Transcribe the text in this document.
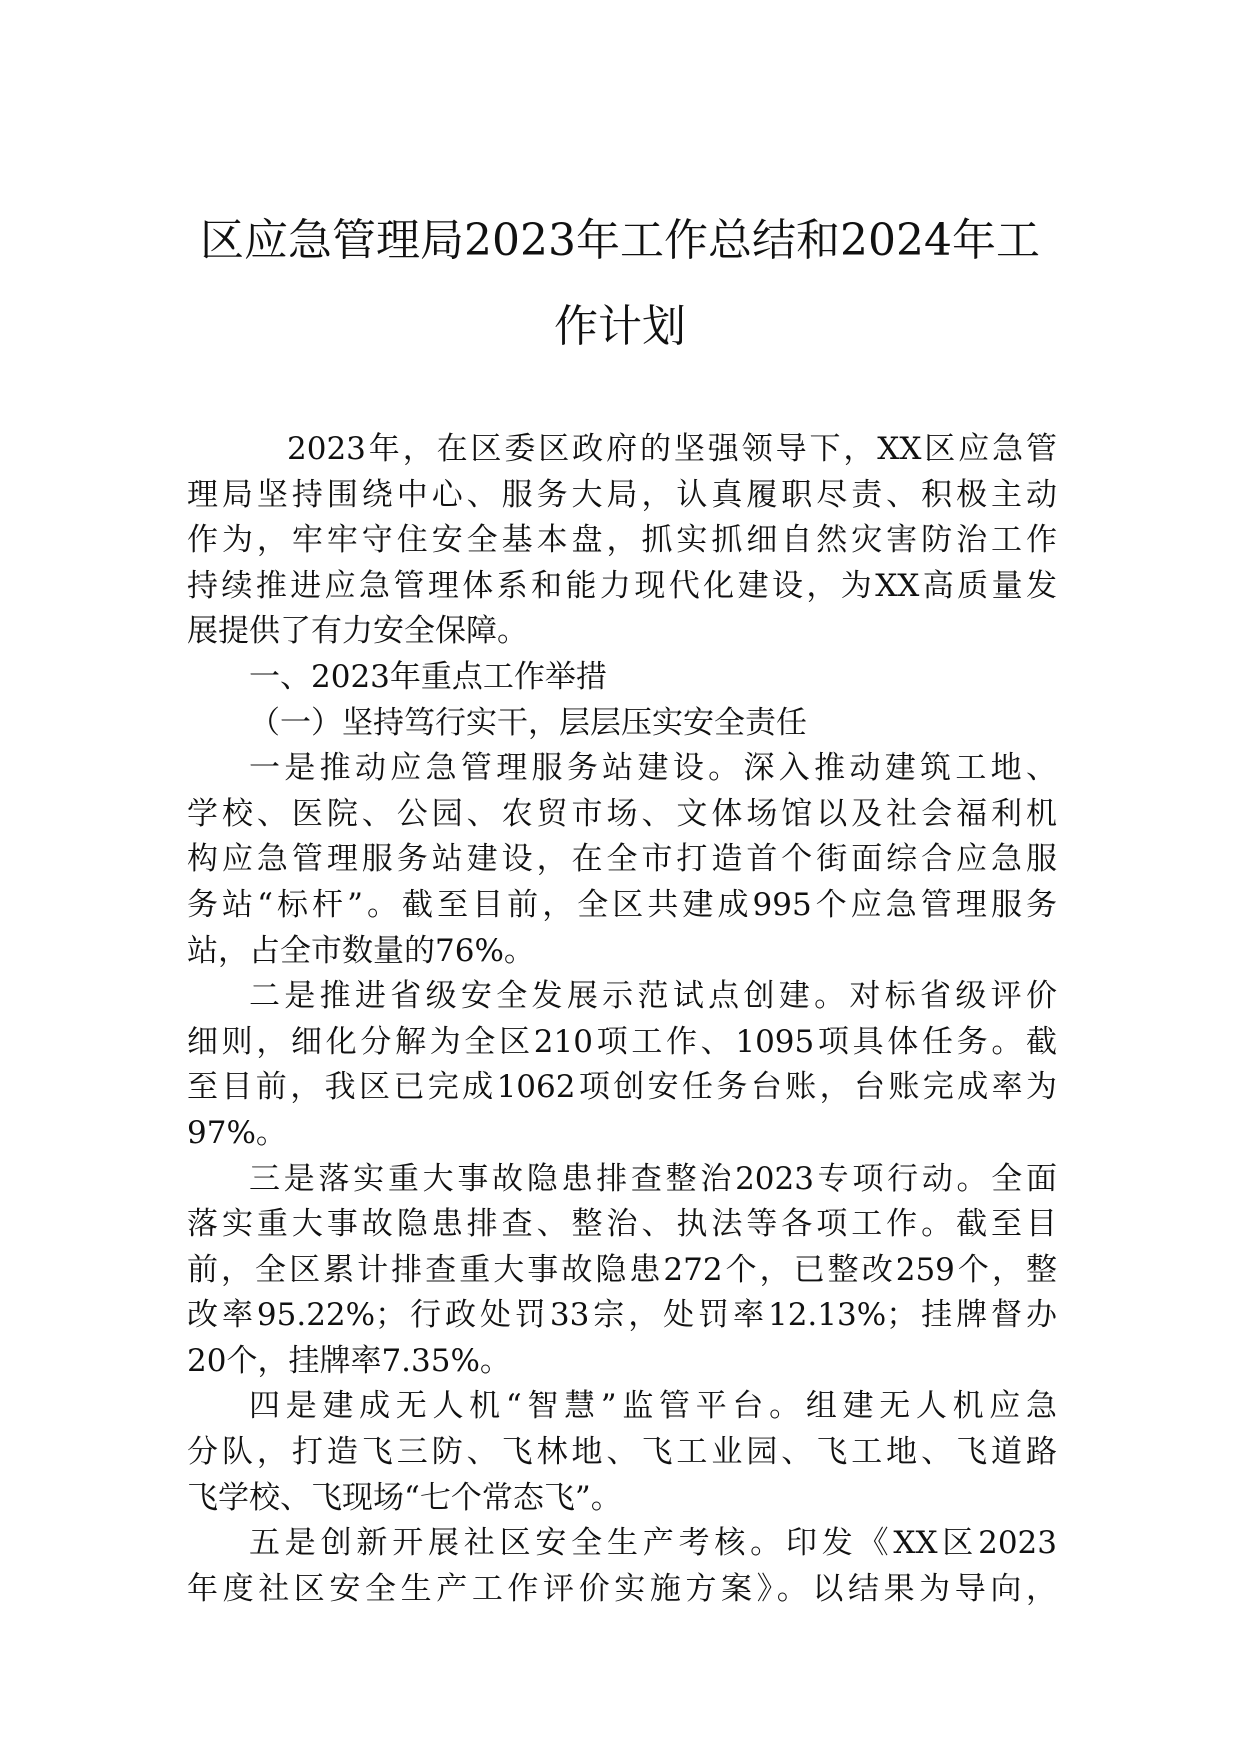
区应急管理局2023年工作总结和2024年工
作计划
2023年，在区委区政府的坚强领导下，XX区应急管
理局坚持围绕中心、服务大局，认真履职尽责、积极主动
作为，牢牢守住安全基本盘，抓实抓细自然灾害防治工作
持续推进应急管理体系和能力现代化建设，为XX高质量发
展提供了有力安全保障。
一、2023年重点工作举措
（一）坚持笃行实干，层层压实安全责任
一是推动应急管理服务站建设。深入推动建筑工地、
学校、医院、公园、农贸市场、文体场馆以及社会福利机
构应急管理服务站建设，在全市打造首个街面综合应急服
务站“标杆”。截至目前，全区共建成995个应急管理服务
站，占全市数量的76%。
二是推进省级安全发展示范试点创建。对标省级评价
细则，细化分解为全区210项工作、1095项具体任务。截
至目前，我区已完成1062项创安任务台账，台账完成率为
97%。
三是落实重大事故隐患排查整治2023专项行动。全面
落实重大事故隐患排查、整治、执法等各项工作。截至目
前，全区累计排查重大事故隐患272个，已整改259个，整
改率95.22%；行政处罚33宗，处罚率12.13%；挂牌督办
20个，挂牌率7.35%。
四是建成无人机“智慧”监管平台。组建无人机应急
分队，打造飞三防、飞林地、飞工业园、飞工地、飞道路
飞学校、飞现场“七个常态飞”。
五是创新开展社区安全生产考核。印发《XX区2023
年度社区安全生产工作评价实施方案》。以结果为导向，
